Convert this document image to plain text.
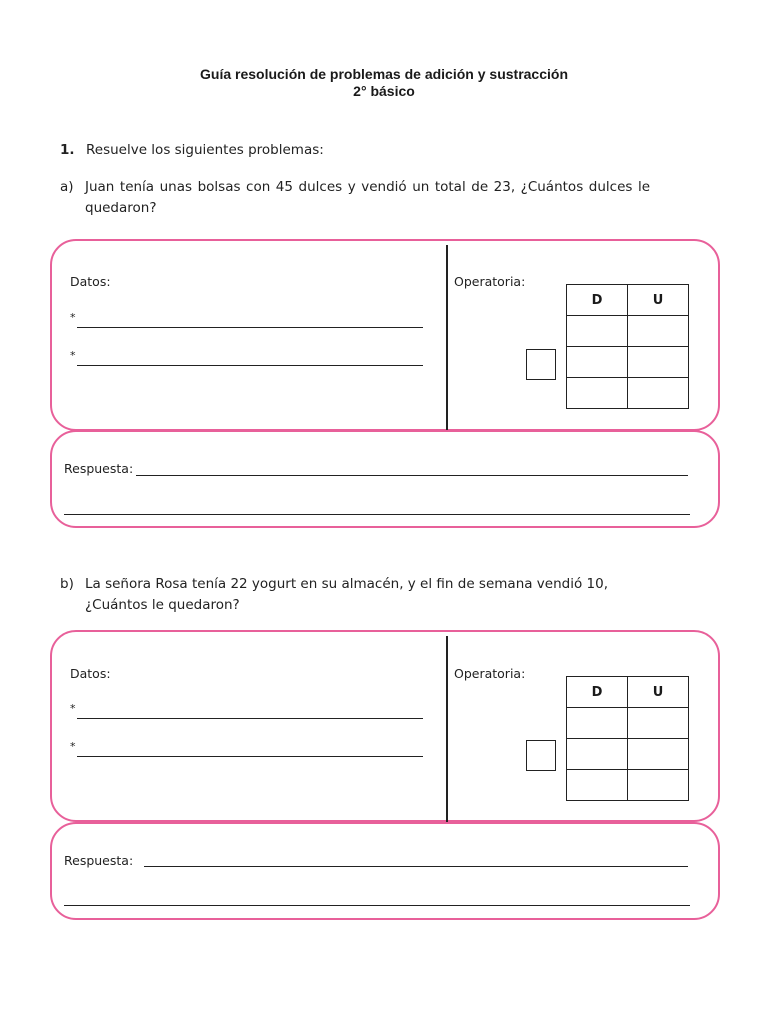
Guía resolución de problemas de adición y sustracción
2° básico
1. Resuelve los siguientes problemas:
a) Juan tenía unas bolsas con 45 dulces y vendió un total de 23, ¿Cuántos dulces le quedaron?
Datos:
*
*
Operatoria:
D	U

Respuesta:
b) La señora Rosa tenía 22 yogurt en su almacén, y el fin de semana vendió 10, ¿Cuántos le quedaron?
Datos:
*
*
Operatoria:
D	U

Respuesta:
